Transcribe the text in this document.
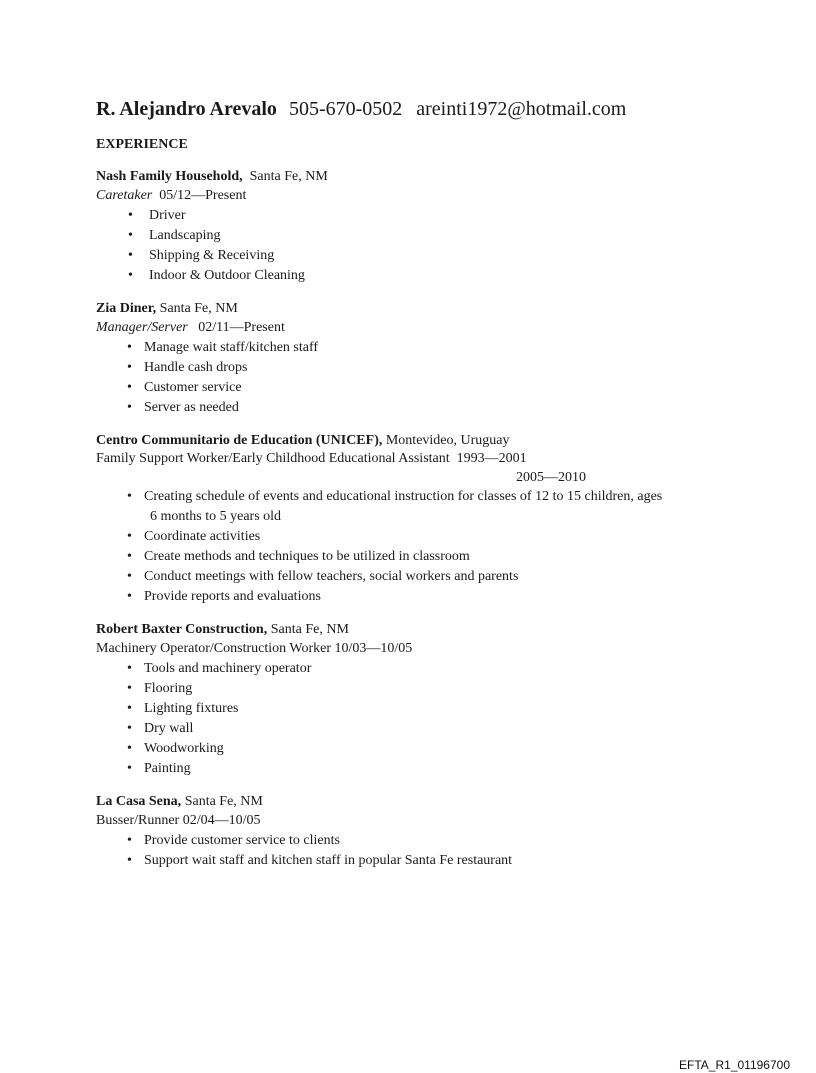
R. Alejandro Arevalo 505-670-0502 areinti1972@hotmail.com
EXPERIENCE
Nash Family Household, Santa Fe, NM
Caretaker 05/12—Present
• Driver
• Landscaping
• Shipping & Receiving
• Indoor & Outdoor Cleaning
Zia Diner, Santa Fe, NM
Manager/Server 02/11—Present
• Manage wait staff/kitchen staff
• Handle cash drops
• Customer service
• Server as needed
Centro Communitario de Education (UNICEF), Montevideo, Uruguay
Family Support Worker/Early Childhood Educational Assistant 1993—2001
2005—2010
• Creating schedule of events and educational instruction for classes of 12 to 15 children, ages
6 months to 5 years old
• Coordinate activities
• Create methods and techniques to be utilized in classroom
• Conduct meetings with fellow teachers, social workers and parents
• Provide reports and evaluations
Robert Baxter Construction, Santa Fe, NM
Machinery Operator/Construction Worker 10/03—10/05
• Tools and machinery operator
• Flooring
• Lighting fixtures
• Dry wall
• Woodworking
• Painting
La Casa Sena, Santa Fe, NM
Busser/Runner 02/04—10/05
• Provide customer service to clients
• Support wait staff and kitchen staff in popular Santa Fe restaurant
EFTA_R1_01196700
